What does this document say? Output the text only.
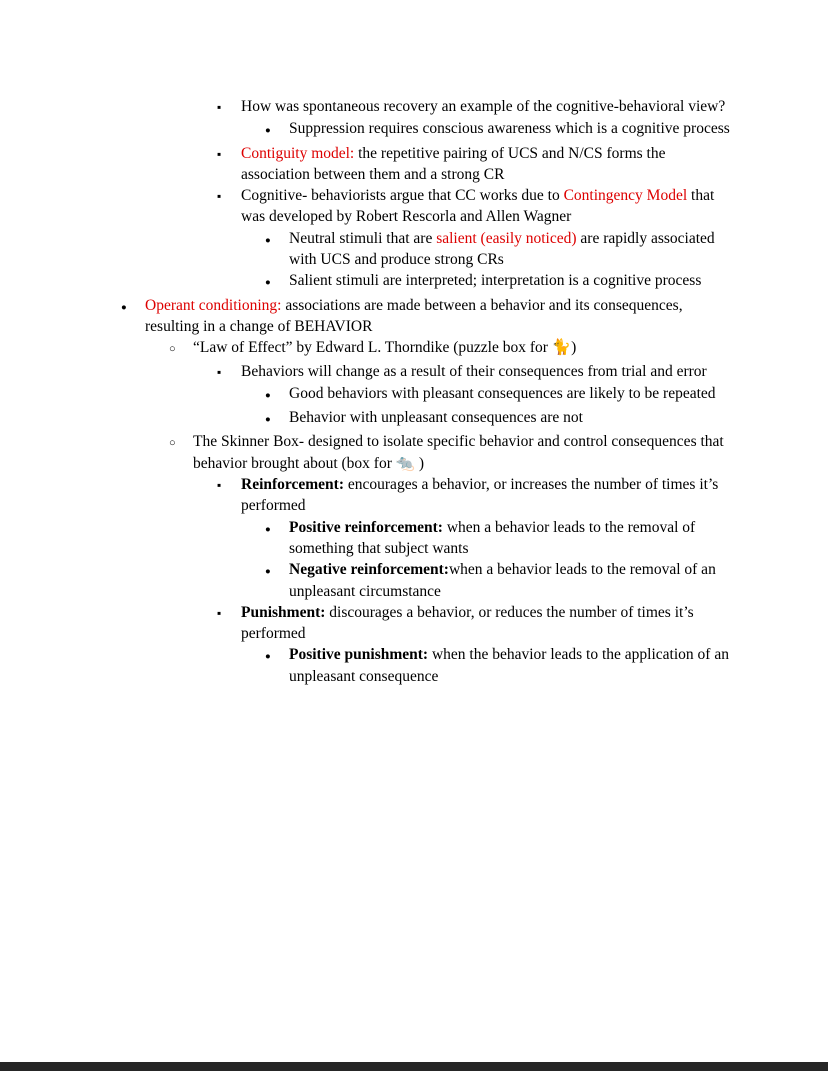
▪
How was spontaneous recovery an example of the cognitive-behavioral view?
●
Suppression requires conscious awareness which is a cognitive process
▪
Contiguity model: the repetitive pairing of UCS and N/CS forms the association between them and a strong CR
▪
Cognitive- behaviorists argue that CC works due to Contingency Model that was developed by Robert Rescorla and Allen Wagner
●
Neutral stimuli that are salient (easily noticed) are rapidly associated with UCS and produce strong CRs
●
Salient stimuli are interpreted; interpretation is a cognitive process
●
Operant conditioning: associations are made between a behavior and its consequences, resulting in a change of BEHAVIOR
○
“Law of Effect” by Edward L. Thorndike (puzzle box for 🐈)
▪
Behaviors will change as a result of their consequences from trial and error
●
Good behaviors with pleasant consequences are likely to be repeated
●
Behavior with unpleasant consequences are not
○
The Skinner Box- designed to isolate specific behavior and control consequences that behavior brought about (box for 🐀 )
▪
Reinforcement: encourages a behavior, or increases the number of times it’s performed
●
Positive reinforcement: when a behavior leads to the removal of something that subject wants
●
Negative reinforcement:when a behavior leads to the removal of an unpleasant circumstance
▪
Punishment: discourages a behavior, or reduces the number of times it’s performed
●
Positive punishment: when the behavior leads to the application of an unpleasant consequence
